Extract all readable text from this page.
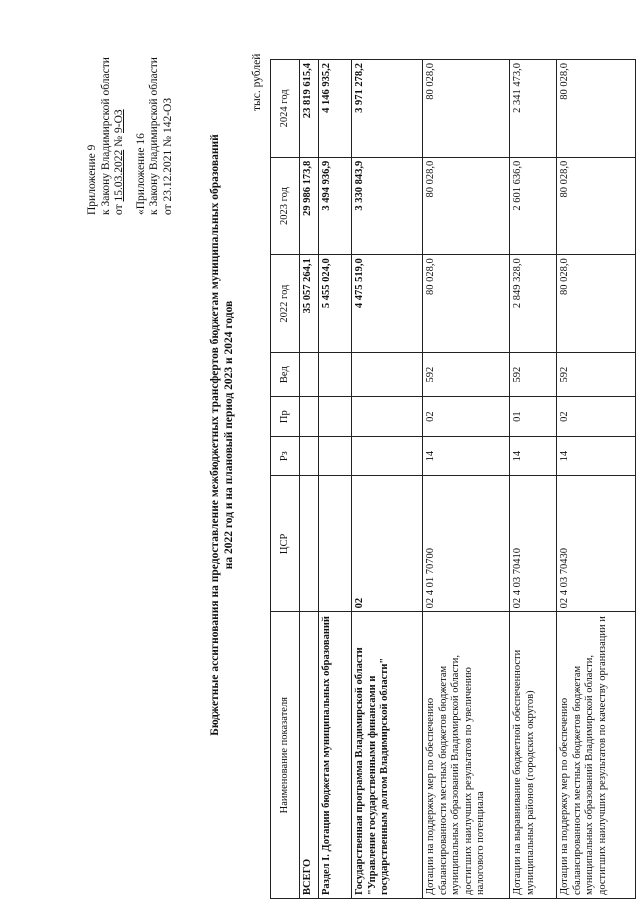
Приложение 9 к Закону Владимирской области от 15.03.2022 № 9-ОЗ
«Приложение 16 к Закону Владимирской области от 23.12.2021 № 142-ОЗ	Бюджетные ассигнования на предоставление межбюджетных трансфертов бюджетам муниципальных образований на 2022 год и на плановый период 2023 и 2024 годов
тыс. рублей
Наименование показателя	ЦСР	Рз	Пр	Вед	2022 год	2023 год	2024 год
ВСЕГО					35 057 264,1	29 986 173,8	23 819 615,4
Раздел I. Дотации бюджетам муниципальных образований					5 455 024,0	3 494 936,9	4 146 935,2
Государственная программа Владимирской области "Управление государственными финансами и государственным долгом Владимирской области"	02				4 475 519,0	3 330 843,9	3 971 278,2
Дотации на поддержку мер по обеспечению сбалансированности местных бюджетов бюджетам муниципальных образований Владимирской области, достигших наилучших результатов по увеличению налогового потенциала	02 4 01 70700	14	02	592	80 028,0	80 028,0	80 028,0
Дотации на выравнивание бюджетной обеспеченности муниципальных районов (городских округов)	02 4 03 70410	14	01	592	2 849 328,0	2 601 636,0	2 341 473,0
Дотации на поддержку мер по обеспечению сбалансированности местных бюджетов бюджетам муниципальных образований Владимирской области, достигших наилучших результатов по качеству организации и	02 4 03 70430	14	02	592	80 028,0	80 028,0	80 028,0
